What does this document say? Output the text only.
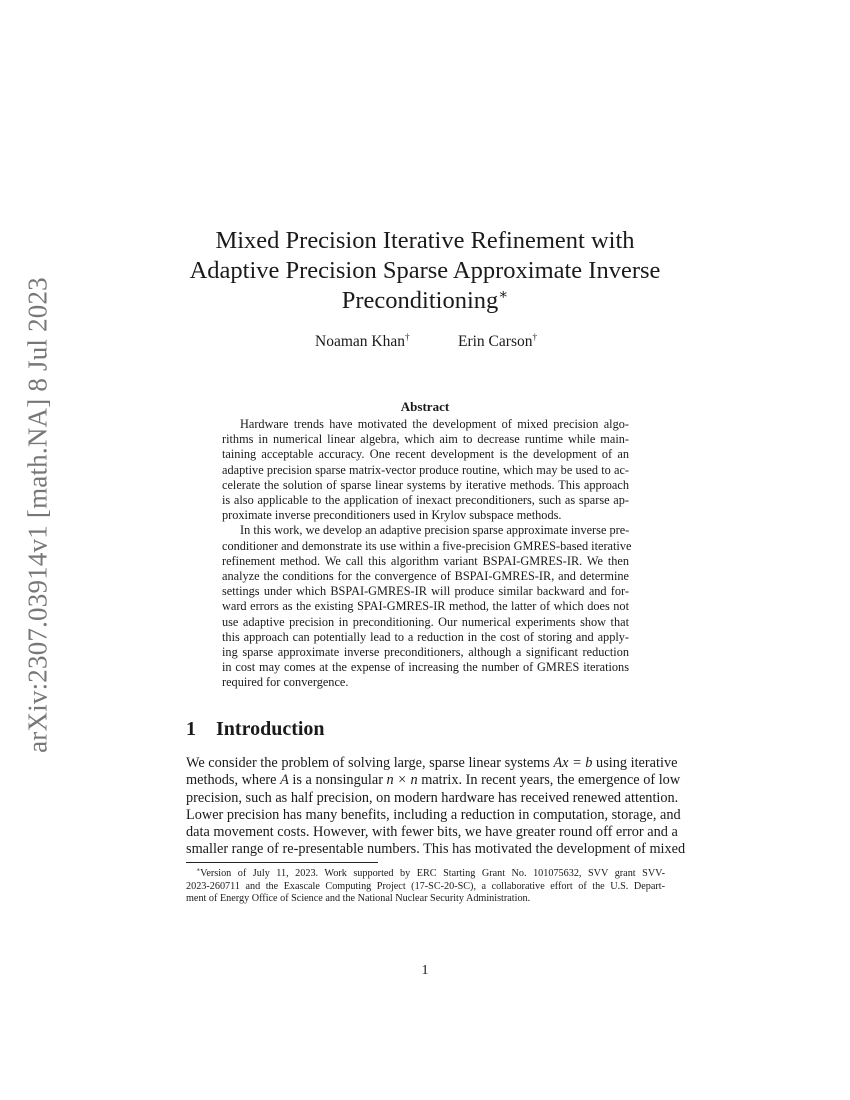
arXiv:2307.03914v1 [math.NA] 8 Jul 2023
Mixed Precision Iterative Refinement with
Adaptive Precision Sparse Approximate Inverse
Preconditioning∗
Noaman Khan†	Erin Carson†
Abstract
Hardware trends have motivated the development of mixed precision algo-
rithms in numerical linear algebra, which aim to decrease runtime while main-
taining acceptable accuracy. One recent development is the development of an
adaptive precision sparse matrix-vector produce routine, which may be used to ac-
celerate the solution of sparse linear systems by iterative methods. This approach
is also applicable to the application of inexact preconditioners, such as sparse ap-
proximate inverse preconditioners used in Krylov subspace methods.
In this work, we develop an adaptive precision sparse approximate inverse pre-
conditioner and demonstrate its use within a five-precision GMRES-based iterative
refinement method. We call this algorithm variant BSPAI-GMRES-IR. We then
analyze the conditions for the convergence of BSPAI-GMRES-IR, and determine
settings under which BSPAI-GMRES-IR will produce similar backward and for-
ward errors as the existing SPAI-GMRES-IR method, the latter of which does not
use adaptive precision in preconditioning. Our numerical experiments show that
this approach can potentially lead to a reduction in the cost of storing and apply-
ing sparse approximate inverse preconditioners, although a significant reduction
in cost may comes at the expense of increasing the number of GMRES iterations
required for convergence.
1 Introduction
We consider the problem of solving large, sparse linear systems Ax = b using iterative
methods, where A is a nonsingular n × n matrix. In recent years, the emergence of low
precision, such as half precision, on modern hardware has received renewed attention.
Lower precision has many benefits, including a reduction in computation, storage, and
data movement costs. However, with fewer bits, we have greater round off error and a
smaller range of re-presentable numbers. This has motivated the development of mixed
∗Version of July 11, 2023. Work supported by ERC Starting Grant No. 101075632, SVV grant SVV-
2023-260711 and the Exascale Computing Project (17-SC-20-SC), a collaborative effort of the U.S. Depart-
ment of Energy Office of Science and the National Nuclear Security Administration.
1
